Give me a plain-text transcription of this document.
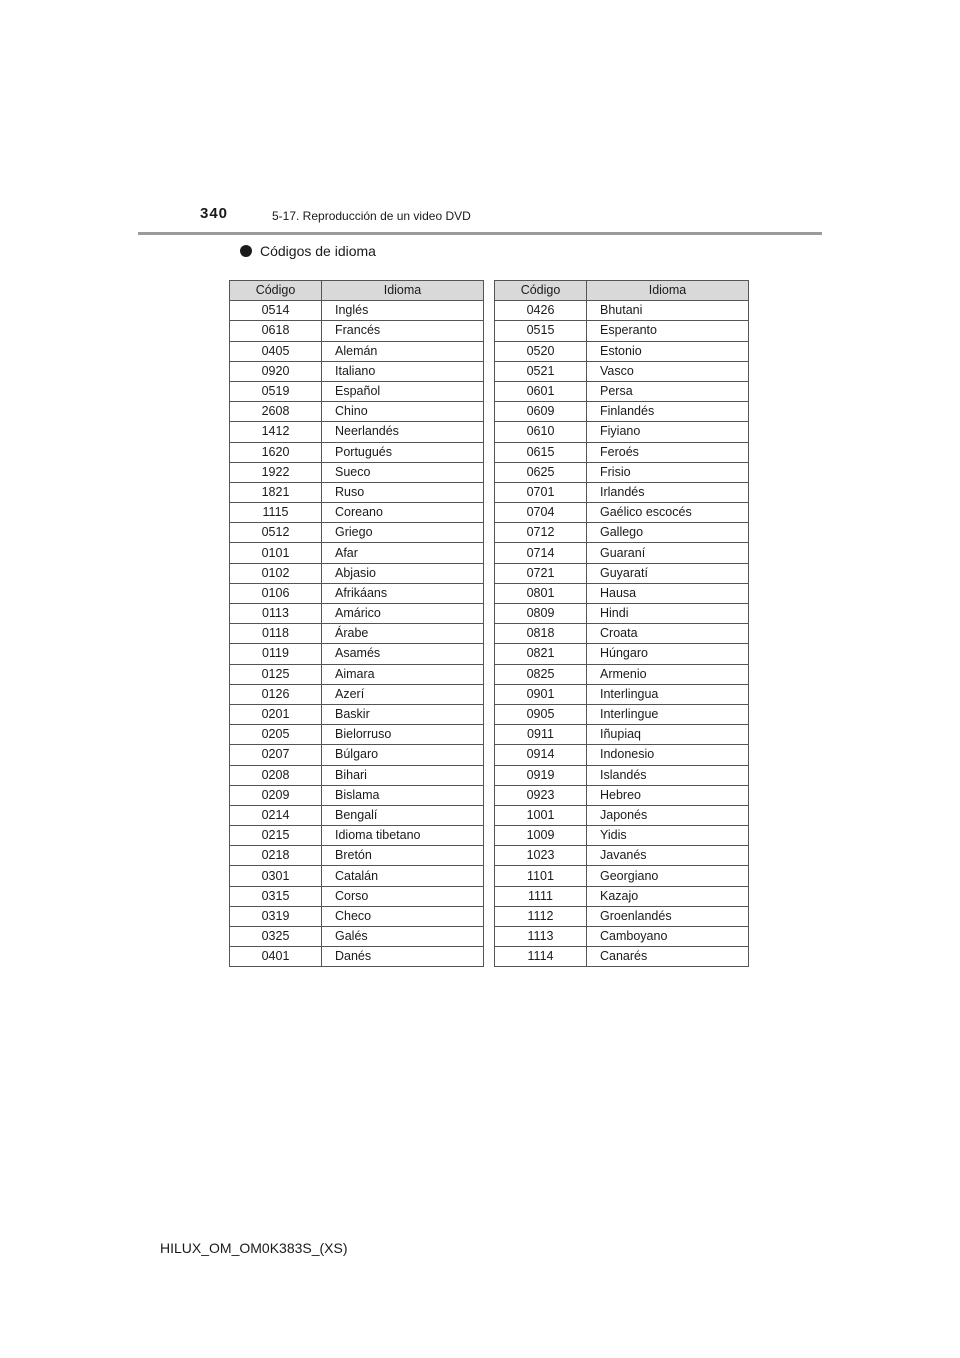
340	5-17. Reproducción de un video DVD
Códigos de idioma
Código	Idioma
0514	Inglés
0618	Francés
0405	Alemán
0920	Italiano
0519	Español
2608	Chino
1412	Neerlandés
1620	Portugués
1922	Sueco
1821	Ruso
1115	Coreano
0512	Griego
0101	Afar
0102	Abjasio
0106	Afrikáans
0113	Amárico
0118	Árabe
0119	Asamés
0125	Aimara
0126	Azerí
0201	Baskir
0205	Bielorruso
0207	Búlgaro
0208	Bihari
0209	Bislama
0214	Bengalí
0215	Idioma tibetano
0218	Bretón
0301	Catalán
0315	Corso
0319	Checo
0325	Galés
0401	Danés
Código	Idioma
0426	Bhutani
0515	Esperanto
0520	Estonio
0521	Vasco
0601	Persa
0609	Finlandés
0610	Fiyiano
0615	Feroés
0625	Frisio
0701	Irlandés
0704	Gaélico escocés
0712	Gallego
0714	Guaraní
0721	Guyaratí
0801	Hausa
0809	Hindi
0818	Croata
0821	Húngaro
0825	Armenio
0901	Interlingua
0905	Interlingue
0911	Iñupiaq
0914	Indonesio
0919	Islandés
0923	Hebreo
1001	Japonés
1009	Yidis
1023	Javanés
1101	Georgiano
1111	Kazajo
1112	Groenlandés
1113	Camboyano
1114	Canarés
HILUX_OM_OM0K383S_(XS)
